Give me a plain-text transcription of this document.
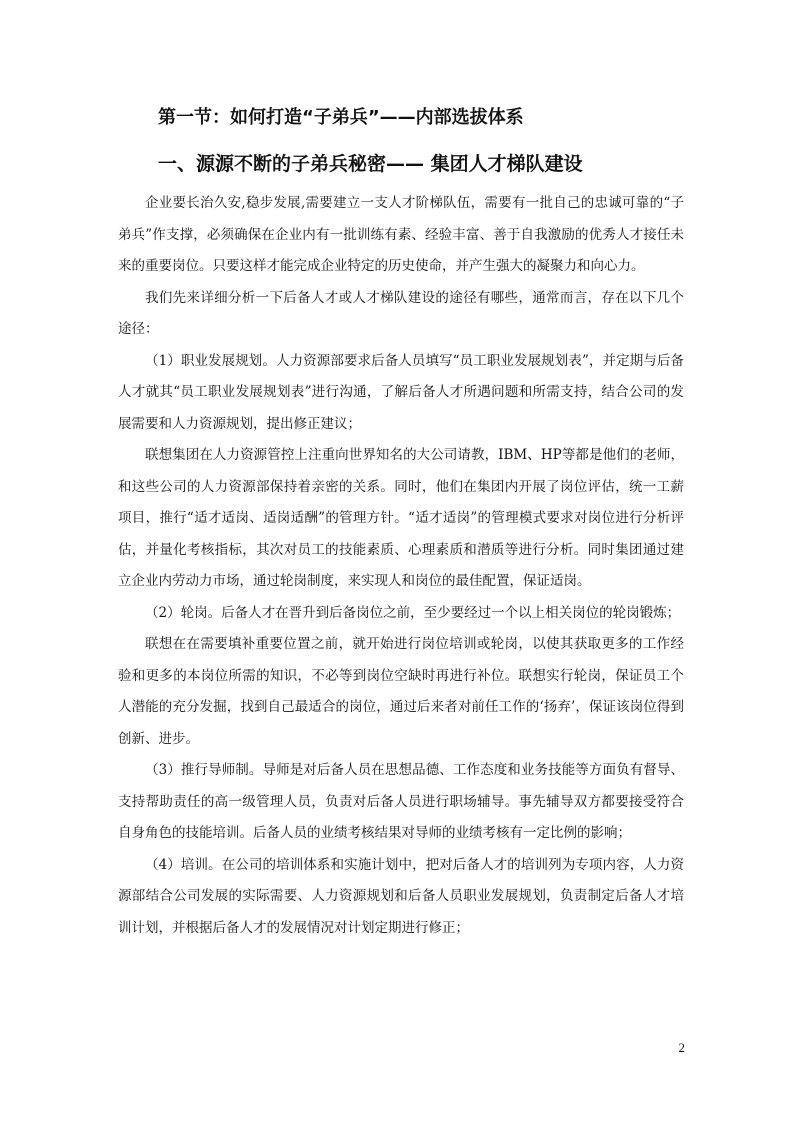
第一节：如何打造“子弟兵”——内部选拔体系
一、源源不断的子弟兵秘密—— 集团人才梯队建设

企业要长治久安,稳步发展,需要建立一支人才阶梯队伍，需要有一批自己的忠诚可靠的“子弟兵”作支撑，必须确保在企业内有一批训练有素、经验丰富、善于自我激励的优秀人才接任未来的重要岗位。只要这样才能完成企业特定的历史使命，并产生强大的凝聚力和向心力。

我们先来详细分析一下后备人才或人才梯队建设的途径有哪些，通常而言，存在以下几个途径：

（1）职业发展规划。人力资源部要求后备人员填写“员工职业发展规划表”，并定期与后备人才就其“员工职业发展规划表”进行沟通，了解后备人才所遇问题和所需支持，结合公司的发展需要和人力资源规划，提出修正建议；

联想集团在人力资源管控上注重向世界知名的大公司请教，IBM、HP等都是他们的老师，和这些公司的人力资源部保持着亲密的关系。同时，他们在集团内开展了岗位评估，统一工薪项目，推行“适才适岗、适岗适酬”的管理方针。“适才适岗”的管理模式要求对岗位进行分析评估，并量化考核指标，其次对员工的技能素质、心理素质和潜质等进行分析。同时集团通过建立企业内劳动力市场，通过轮岗制度，来实现人和岗位的最佳配置，保证适岗。

（2）轮岗。后备人才在晋升到后备岗位之前，至少要经过一个以上相关岗位的轮岗锻炼；

联想在在需要填补重要位置之前，就开始进行岗位培训或轮岗，以使其获取更多的工作经验和更多的本岗位所需的知识，不必等到岗位空缺时再进行补位。联想实行轮岗，保证员工个人潜能的充分发掘，找到自己最适合的岗位，通过后来者对前任工作的‘扬弃’，保证该岗位得到创新、进步。

（3）推行导师制。导师是对后备人员在思想品德、工作态度和业务技能等方面负有督导、支持帮助责任的高一级管理人员，负责对后备人员进行职场辅导。事先辅导双方都要接受符合自身角色的技能培训。后备人员的业绩考核结果对导师的业绩考核有一定比例的影响；

（4）培训。在公司的培训体系和实施计划中，把对后备人才的培训列为专项内容，人力资源部结合公司发展的实际需要、人力资源规划和后备人员职业发展规划，负责制定后备人才培训计划，并根据后备人才的发展情况对计划定期进行修正；

2
